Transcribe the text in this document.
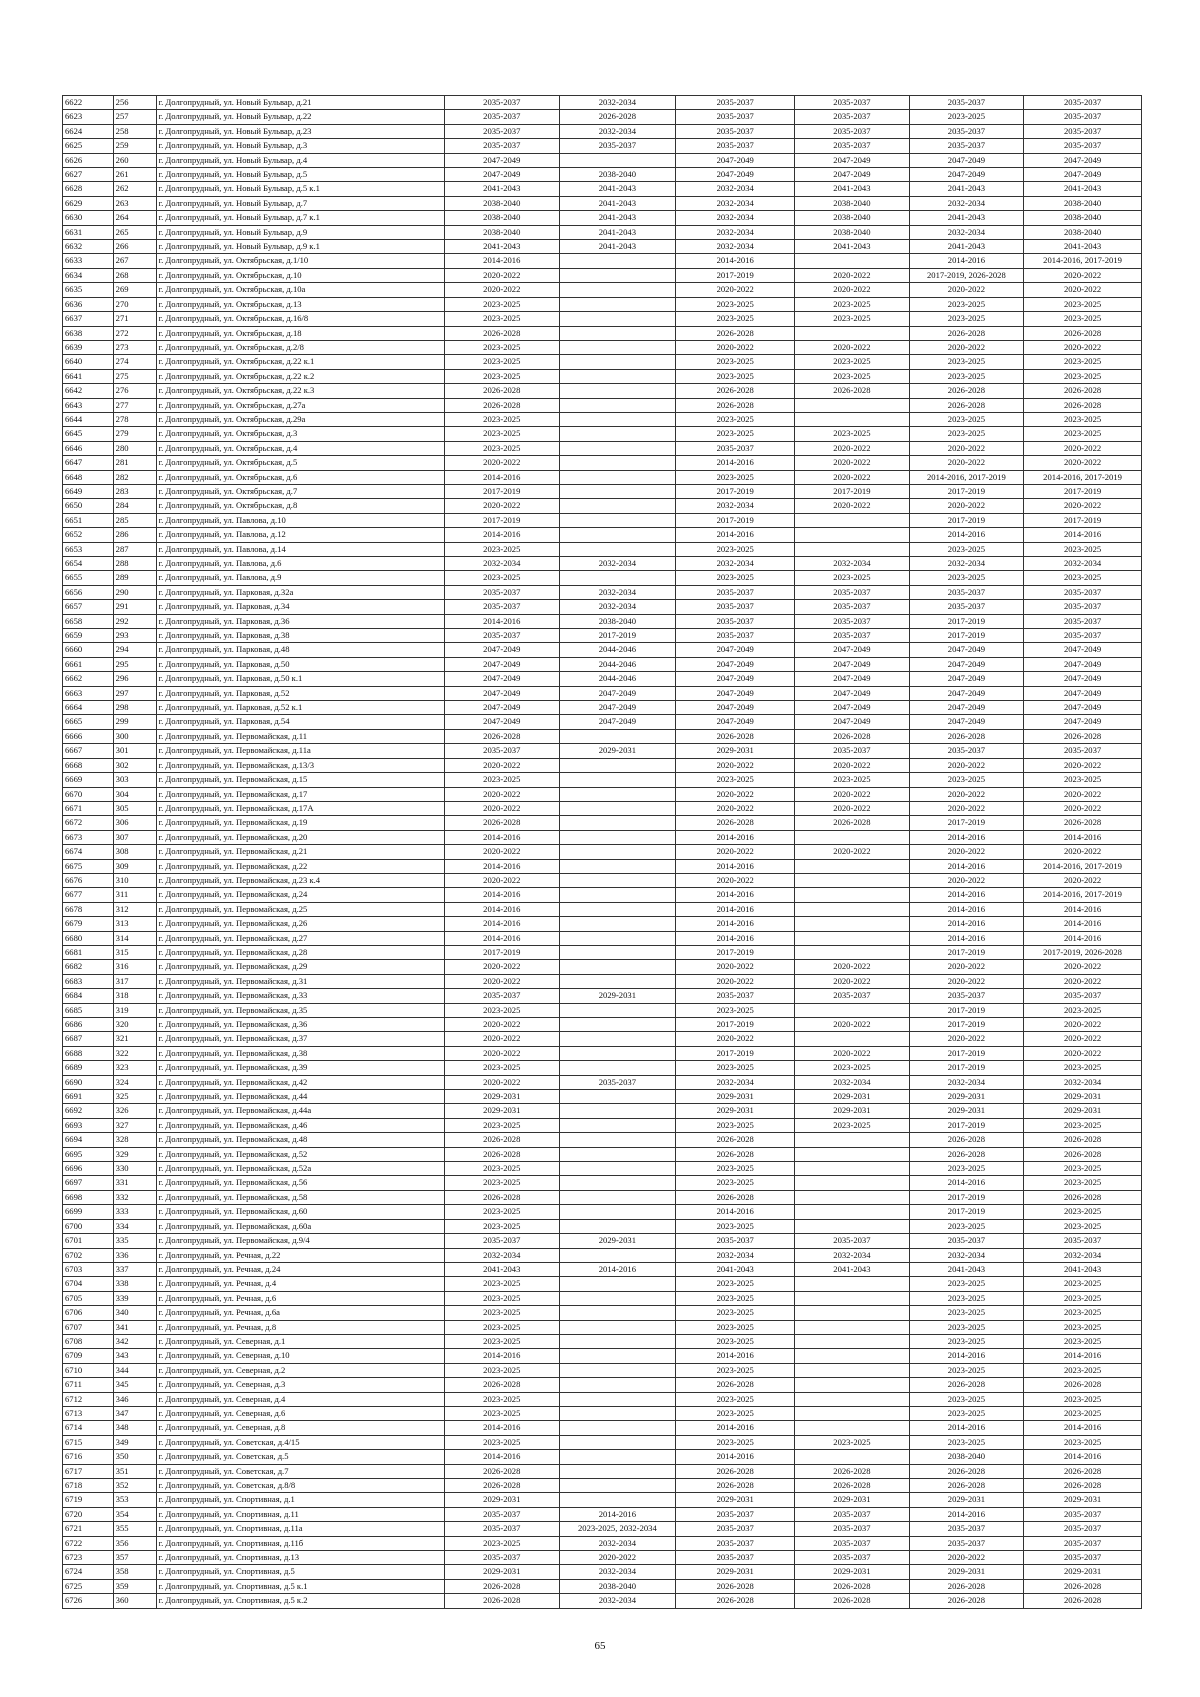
6622	256	г. Долгопрудный, ул. Новый Бульвар, д.21	2035-2037	2032-2034	2035-2037	2035-2037	2035-2037	2035-2037
6623	257	г. Долгопрудный, ул. Новый Бульвар, д.22	2035-2037	2026-2028	2035-2037	2035-2037	2023-2025	2035-2037
6624	258	г. Долгопрудный, ул. Новый Бульвар, д.23	2035-2037	2032-2034	2035-2037	2035-2037	2035-2037	2035-2037
6625	259	г. Долгопрудный, ул. Новый Бульвар, д.3	2035-2037	2035-2037	2035-2037	2035-2037	2035-2037	2035-2037
6626	260	г. Долгопрудный, ул. Новый Бульвар, д.4	2047-2049		2047-2049	2047-2049	2047-2049	2047-2049
6627	261	г. Долгопрудный, ул. Новый Бульвар, д.5	2047-2049	2038-2040	2047-2049	2047-2049	2047-2049	2047-2049
6628	262	г. Долгопрудный, ул. Новый Бульвар, д.5 к.1	2041-2043	2041-2043	2032-2034	2041-2043	2041-2043	2041-2043
6629	263	г. Долгопрудный, ул. Новый Бульвар, д.7	2038-2040	2041-2043	2032-2034	2038-2040	2032-2034	2038-2040
6630	264	г. Долгопрудный, ул. Новый Бульвар, д.7 к.1	2038-2040	2041-2043	2032-2034	2038-2040	2041-2043	2038-2040
6631	265	г. Долгопрудный, ул. Новый Бульвар, д.9	2038-2040	2041-2043	2032-2034	2038-2040	2032-2034	2038-2040
6632	266	г. Долгопрудный, ул. Новый Бульвар, д.9 к.1	2041-2043	2041-2043	2032-2034	2041-2043	2041-2043	2041-2043
6633	267	г. Долгопрудный, ул. Октябрьская, д.1/10	2014-2016		2014-2016		2014-2016	2014-2016, 2017-2019
6634	268	г. Долгопрудный, ул. Октябрьская, д.10	2020-2022		2017-2019	2020-2022	2017-2019, 2026-2028	2020-2022
6635	269	г. Долгопрудный, ул. Октябрьская, д.10а	2020-2022		2020-2022	2020-2022	2020-2022	2020-2022
6636	270	г. Долгопрудный, ул. Октябрьская, д.13	2023-2025		2023-2025	2023-2025	2023-2025	2023-2025
6637	271	г. Долгопрудный, ул. Октябрьская, д.16/8	2023-2025		2023-2025	2023-2025	2023-2025	2023-2025
6638	272	г. Долгопрудный, ул. Октябрьская, д.18	2026-2028		2026-2028		2026-2028	2026-2028
6639	273	г. Долгопрудный, ул. Октябрьская, д.2/8	2023-2025		2020-2022	2020-2022	2020-2022	2020-2022
6640	274	г. Долгопрудный, ул. Октябрьская, д.22 к.1	2023-2025		2023-2025	2023-2025	2023-2025	2023-2025
6641	275	г. Долгопрудный, ул. Октябрьская, д.22 к.2	2023-2025		2023-2025	2023-2025	2023-2025	2023-2025
6642	276	г. Долгопрудный, ул. Октябрьская, д.22 к.3	2026-2028		2026-2028	2026-2028	2026-2028	2026-2028
6643	277	г. Долгопрудный, ул. Октябрьская, д.27а	2026-2028		2026-2028		2026-2028	2026-2028
6644	278	г. Долгопрудный, ул. Октябрьская, д.29а	2023-2025		2023-2025		2023-2025	2023-2025
6645	279	г. Долгопрудный, ул. Октябрьская, д.3	2023-2025		2023-2025	2023-2025	2023-2025	2023-2025
6646	280	г. Долгопрудный, ул. Октябрьская, д.4	2023-2025		2035-2037	2020-2022	2020-2022	2020-2022
6647	281	г. Долгопрудный, ул. Октябрьская, д.5	2020-2022		2014-2016	2020-2022	2020-2022	2020-2022
6648	282	г. Долгопрудный, ул. Октябрьская, д.6	2014-2016		2023-2025	2020-2022	2014-2016, 2017-2019	2014-2016, 2017-2019
6649	283	г. Долгопрудный, ул. Октябрьская, д.7	2017-2019		2017-2019	2017-2019	2017-2019	2017-2019
6650	284	г. Долгопрудный, ул. Октябрьская, д.8	2020-2022		2032-2034	2020-2022	2020-2022	2020-2022
6651	285	г. Долгопрудный, ул. Павлова, д.10	2017-2019		2017-2019		2017-2019	2017-2019
6652	286	г. Долгопрудный, ул. Павлова, д.12	2014-2016		2014-2016		2014-2016	2014-2016
6653	287	г. Долгопрудный, ул. Павлова, д.14	2023-2025		2023-2025		2023-2025	2023-2025
6654	288	г. Долгопрудный, ул. Павлова, д.6	2032-2034	2032-2034	2032-2034	2032-2034	2032-2034	2032-2034
6655	289	г. Долгопрудный, ул. Павлова, д.9	2023-2025		2023-2025	2023-2025	2023-2025	2023-2025
6656	290	г. Долгопрудный, ул. Парковая, д.32а	2035-2037	2032-2034	2035-2037	2035-2037	2035-2037	2035-2037
6657	291	г. Долгопрудный, ул. Парковая, д.34	2035-2037	2032-2034	2035-2037	2035-2037	2035-2037	2035-2037
6658	292	г. Долгопрудный, ул. Парковая, д.36	2014-2016	2038-2040	2035-2037	2035-2037	2017-2019	2035-2037
6659	293	г. Долгопрудный, ул. Парковая, д.38	2035-2037	2017-2019	2035-2037	2035-2037	2017-2019	2035-2037
6660	294	г. Долгопрудный, ул. Парковая, д.48	2047-2049	2044-2046	2047-2049	2047-2049	2047-2049	2047-2049
6661	295	г. Долгопрудный, ул. Парковая, д.50	2047-2049	2044-2046	2047-2049	2047-2049	2047-2049	2047-2049
6662	296	г. Долгопрудный, ул. Парковая, д.50 к.1	2047-2049	2044-2046	2047-2049	2047-2049	2047-2049	2047-2049
6663	297	г. Долгопрудный, ул. Парковая, д.52	2047-2049	2047-2049	2047-2049	2047-2049	2047-2049	2047-2049
6664	298	г. Долгопрудный, ул. Парковая, д.52 к.1	2047-2049	2047-2049	2047-2049	2047-2049	2047-2049	2047-2049
6665	299	г. Долгопрудный, ул. Парковая, д.54	2047-2049	2047-2049	2047-2049	2047-2049	2047-2049	2047-2049
6666	300	г. Долгопрудный, ул. Первомайская, д.11	2026-2028		2026-2028	2026-2028	2026-2028	2026-2028
6667	301	г. Долгопрудный, ул. Первомайская, д.11а	2035-2037	2029-2031	2029-2031	2035-2037	2035-2037	2035-2037
6668	302	г. Долгопрудный, ул. Первомайская, д.13/3	2020-2022		2020-2022	2020-2022	2020-2022	2020-2022
6669	303	г. Долгопрудный, ул. Первомайская, д.15	2023-2025		2023-2025	2023-2025	2023-2025	2023-2025
6670	304	г. Долгопрудный, ул. Первомайская, д.17	2020-2022		2020-2022	2020-2022	2020-2022	2020-2022
6671	305	г. Долгопрудный, ул. Первомайская, д.17А	2020-2022		2020-2022	2020-2022	2020-2022	2020-2022
6672	306	г. Долгопрудный, ул. Первомайская, д.19	2026-2028		2026-2028	2026-2028	2017-2019	2026-2028
6673	307	г. Долгопрудный, ул. Первомайская, д.20	2014-2016		2014-2016		2014-2016	2014-2016
6674	308	г. Долгопрудный, ул. Первомайская, д.21	2020-2022		2020-2022	2020-2022	2020-2022	2020-2022
6675	309	г. Долгопрудный, ул. Первомайская, д.22	2014-2016		2014-2016		2014-2016	2014-2016, 2017-2019
6676	310	г. Долгопрудный, ул. Первомайская, д.23 к.4	2020-2022		2020-2022		2020-2022	2020-2022
6677	311	г. Долгопрудный, ул. Первомайская, д.24	2014-2016		2014-2016		2014-2016	2014-2016, 2017-2019
6678	312	г. Долгопрудный, ул. Первомайская, д.25	2014-2016		2014-2016		2014-2016	2014-2016
6679	313	г. Долгопрудный, ул. Первомайская, д.26	2014-2016		2014-2016		2014-2016	2014-2016
6680	314	г. Долгопрудный, ул. Первомайская, д.27	2014-2016		2014-2016		2014-2016	2014-2016
6681	315	г. Долгопрудный, ул. Первомайская, д.28	2017-2019		2017-2019		2017-2019	2017-2019, 2026-2028
6682	316	г. Долгопрудный, ул. Первомайская, д.29	2020-2022		2020-2022	2020-2022	2020-2022	2020-2022
6683	317	г. Долгопрудный, ул. Первомайская, д.31	2020-2022		2020-2022	2020-2022	2020-2022	2020-2022
6684	318	г. Долгопрудный, ул. Первомайская, д.33	2035-2037	2029-2031	2035-2037	2035-2037	2035-2037	2035-2037
6685	319	г. Долгопрудный, ул. Первомайская, д.35	2023-2025		2023-2025		2017-2019	2023-2025
6686	320	г. Долгопрудный, ул. Первомайская, д.36	2020-2022		2017-2019	2020-2022	2017-2019	2020-2022
6687	321	г. Долгопрудный, ул. Первомайская, д.37	2020-2022		2020-2022		2020-2022	2020-2022
6688	322	г. Долгопрудный, ул. Первомайская, д.38	2020-2022		2017-2019	2020-2022	2017-2019	2020-2022
6689	323	г. Долгопрудный, ул. Первомайская, д.39	2023-2025		2023-2025	2023-2025	2017-2019	2023-2025
6690	324	г. Долгопрудный, ул. Первомайская, д.42	2020-2022	2035-2037	2032-2034	2032-2034	2032-2034	2032-2034
6691	325	г. Долгопрудный, ул. Первомайская, д.44	2029-2031		2029-2031	2029-2031	2029-2031	2029-2031
6692	326	г. Долгопрудный, ул. Первомайская, д.44а	2029-2031		2029-2031	2029-2031	2029-2031	2029-2031
6693	327	г. Долгопрудный, ул. Первомайская, д.46	2023-2025		2023-2025	2023-2025	2017-2019	2023-2025
6694	328	г. Долгопрудный, ул. Первомайская, д.48	2026-2028		2026-2028		2026-2028	2026-2028
6695	329	г. Долгопрудный, ул. Первомайская, д.52	2026-2028		2026-2028		2026-2028	2026-2028
6696	330	г. Долгопрудный, ул. Первомайская, д.52а	2023-2025		2023-2025		2023-2025	2023-2025
6697	331	г. Долгопрудный, ул. Первомайская, д.56	2023-2025		2023-2025		2014-2016	2023-2025
6698	332	г. Долгопрудный, ул. Первомайская, д.58	2026-2028		2026-2028		2017-2019	2026-2028
6699	333	г. Долгопрудный, ул. Первомайская, д.60	2023-2025		2014-2016		2017-2019	2023-2025
6700	334	г. Долгопрудный, ул. Первомайская, д.60а	2023-2025		2023-2025		2023-2025	2023-2025
6701	335	г. Долгопрудный, ул. Первомайская, д.9/4	2035-2037	2029-2031	2035-2037	2035-2037	2035-2037	2035-2037
6702	336	г. Долгопрудный, ул. Речная, д.22	2032-2034		2032-2034	2032-2034	2032-2034	2032-2034
6703	337	г. Долгопрудный, ул. Речная, д.24	2041-2043	2014-2016	2041-2043	2041-2043	2041-2043	2041-2043
6704	338	г. Долгопрудный, ул. Речная, д.4	2023-2025		2023-2025		2023-2025	2023-2025
6705	339	г. Долгопрудный, ул. Речная, д.6	2023-2025		2023-2025		2023-2025	2023-2025
6706	340	г. Долгопрудный, ул. Речная, д.6а	2023-2025		2023-2025		2023-2025	2023-2025
6707	341	г. Долгопрудный, ул. Речная, д.8	2023-2025		2023-2025		2023-2025	2023-2025
6708	342	г. Долгопрудный, ул. Северная, д.1	2023-2025		2023-2025		2023-2025	2023-2025
6709	343	г. Долгопрудный, ул. Северная, д.10	2014-2016		2014-2016		2014-2016	2014-2016
6710	344	г. Долгопрудный, ул. Северная, д.2	2023-2025		2023-2025		2023-2025	2023-2025
6711	345	г. Долгопрудный, ул. Северная, д.3	2026-2028		2026-2028		2026-2028	2026-2028
6712	346	г. Долгопрудный, ул. Северная, д.4	2023-2025		2023-2025		2023-2025	2023-2025
6713	347	г. Долгопрудный, ул. Северная, д.6	2023-2025		2023-2025		2023-2025	2023-2025
6714	348	г. Долгопрудный, ул. Северная, д.8	2014-2016		2014-2016		2014-2016	2014-2016
6715	349	г. Долгопрудный, ул. Советская, д.4/15	2023-2025		2023-2025	2023-2025	2023-2025	2023-2025
6716	350	г. Долгопрудный, ул. Советская, д.5	2014-2016		2014-2016		2038-2040	2014-2016
6717	351	г. Долгопрудный, ул. Советская, д.7	2026-2028		2026-2028	2026-2028	2026-2028	2026-2028
6718	352	г. Долгопрудный, ул. Советская, д.8/8	2026-2028		2026-2028	2026-2028	2026-2028	2026-2028
6719	353	г. Долгопрудный, ул. Спортивная, д.1	2029-2031		2029-2031	2029-2031	2029-2031	2029-2031
6720	354	г. Долгопрудный, ул. Спортивная, д.11	2035-2037	2014-2016	2035-2037	2035-2037	2014-2016	2035-2037
6721	355	г. Долгопрудный, ул. Спортивная, д.11а	2035-2037	2023-2025, 2032-2034	2035-2037	2035-2037	2035-2037	2035-2037
6722	356	г. Долгопрудный, ул. Спортивная, д.11б	2023-2025	2032-2034	2035-2037	2035-2037	2035-2037	2035-2037
6723	357	г. Долгопрудный, ул. Спортивная, д.13	2035-2037	2020-2022	2035-2037	2035-2037	2020-2022	2035-2037
6724	358	г. Долгопрудный, ул. Спортивная, д.5	2029-2031	2032-2034	2029-2031	2029-2031	2029-2031	2029-2031
6725	359	г. Долгопрудный, ул. Спортивная, д.5 к.1	2026-2028	2038-2040	2026-2028	2026-2028	2026-2028	2026-2028
6726	360	г. Долгопрудный, ул. Спортивная, д.5 к.2	2026-2028	2032-2034	2026-2028	2026-2028	2026-2028	2026-2028
65
